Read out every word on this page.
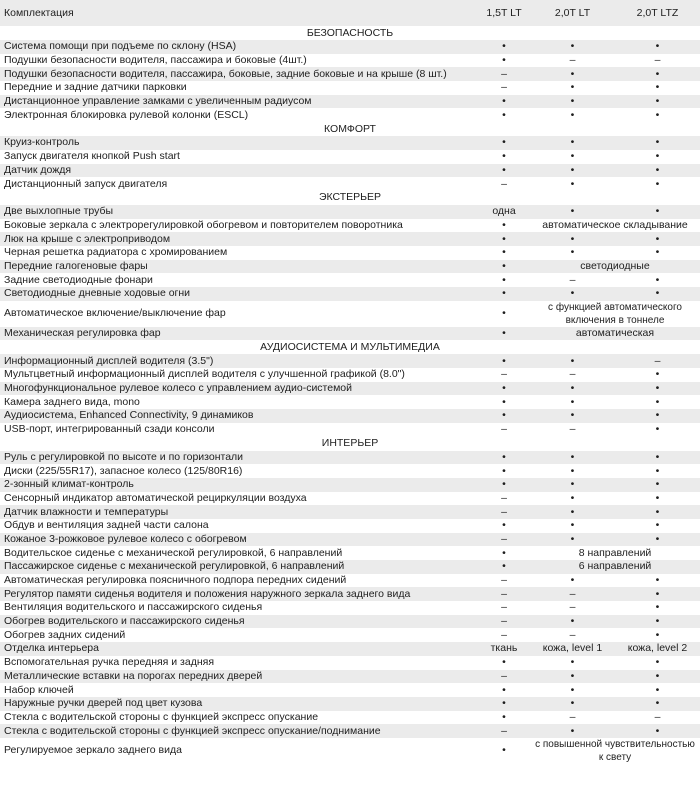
Комплектация	1,5T LT	2,0T LT	2,0T LTZ
БЕЗОПАСНОСТЬ			
Система помощи при подъеме по склону (HSA)	•	•	•
Подушки безопасности водителя, пассажира и боковые (4шт.)	•	–	–
Подушки безопасности водителя, пассажира, боковые, задние боковые и на крыше (8 шт.)	–	•	•
Передние и задние датчики парковки	–	•	•
Дистанционное управление замками с увеличенным радиусом	•	•	•
Электронная блокировка рулевой колонки (ESCL)	•	•	•
КОМФОРТ			
Круиз-контроль	•	•	•
Запуск двигателя кнопкой Push start	•	•	•
Датчик дождя	•	•	•
Дистанционный запуск двигателя	–	•	•
ЭКСТЕРЬЕР			
Две выхлопные трубы	одна	•	•
Боковые зеркала с электрорегулировкой обогревом и повторителем поворотника	•	автоматическое складывание	
Люк на крыше с электроприводом	•	•	•
Черная решетка радиатора с хромированием	•	•	•
Передние галогеновые фары	•	светодиодные	
Задние светодиодные фонари	•	–	•
Светодиодные дневные ходовые огни	•	•	•
Автоматическое включение/выключение фар	•	с функцией автоматического включения в тоннеле	
Механическая регулировка фар	•	автоматическая	
АУДИОСИСТЕМА И МУЛЬТИМЕДИА			
Информационный дисплей водителя (3.5")	•	•	–
Мультцветный информационный дисплей водителя с улучшенной графикой (8.0")	–	–	•
Многофункциональное рулевое колесо с управлением аудио-системой	•	•	•
Камера заднего вида, mono	•	•	•
Аудиосистема, Enhanced Connectivity, 9 динамиков	•	•	•
USB-порт, интегрированный сзади консоли	–	–	•
ИНТЕРЬЕР			
Руль с регулировкой по высоте и по горизонтали	•	•	•
Диски (225/55R17), запасное колесо (125/80R16)	•	•	•
2-зонный климат-контроль	•	•	•
Сенсорный индикатор автоматической рециркуляции воздуха	–	•	•
Датчик влажности и температуры	–	•	•
Обдув и вентиляция задней части салона	•	•	•
Кожаное 3-рожковое рулевое колесо с обогревом	–	•	•
Водительское сиденье с механической регулировкой, 6 направлений	•	8 направлений	
Пассажирское сиденье с механической регулировкой, 6 направлений	•	6 направлений	
Автоматическая регулировка поясничного подпора передних сидений	–	•	•
Регулятор памяти сиденья водителя и положения наружного зеркала заднего вида	–	–	•
Вентиляция водительского и пассажирского сиденья	–	–	•
Обогрев водительского и пассажирского сиденья	–	•	•
Обогрев задних сидений	–	–	•
Отделка интерьера	ткань	кожа, level 1	кожа, level 2
Вспомогательная ручка передняя и задняя	•	•	•
Металлические вставки на порогах передних дверей	–	•	•
Набор ключей	•	•	•
Наружные ручки дверей под цвет кузова	•	•	•
Стекла с водительской стороны с функцией экспресс опускание	•	–	–
Стекла с водительской стороны с функцией экспресс опускание/поднимание	–	•	•
Регулируемое зеркало заднего вида	•	с повышенной чувствительностью к свету	
